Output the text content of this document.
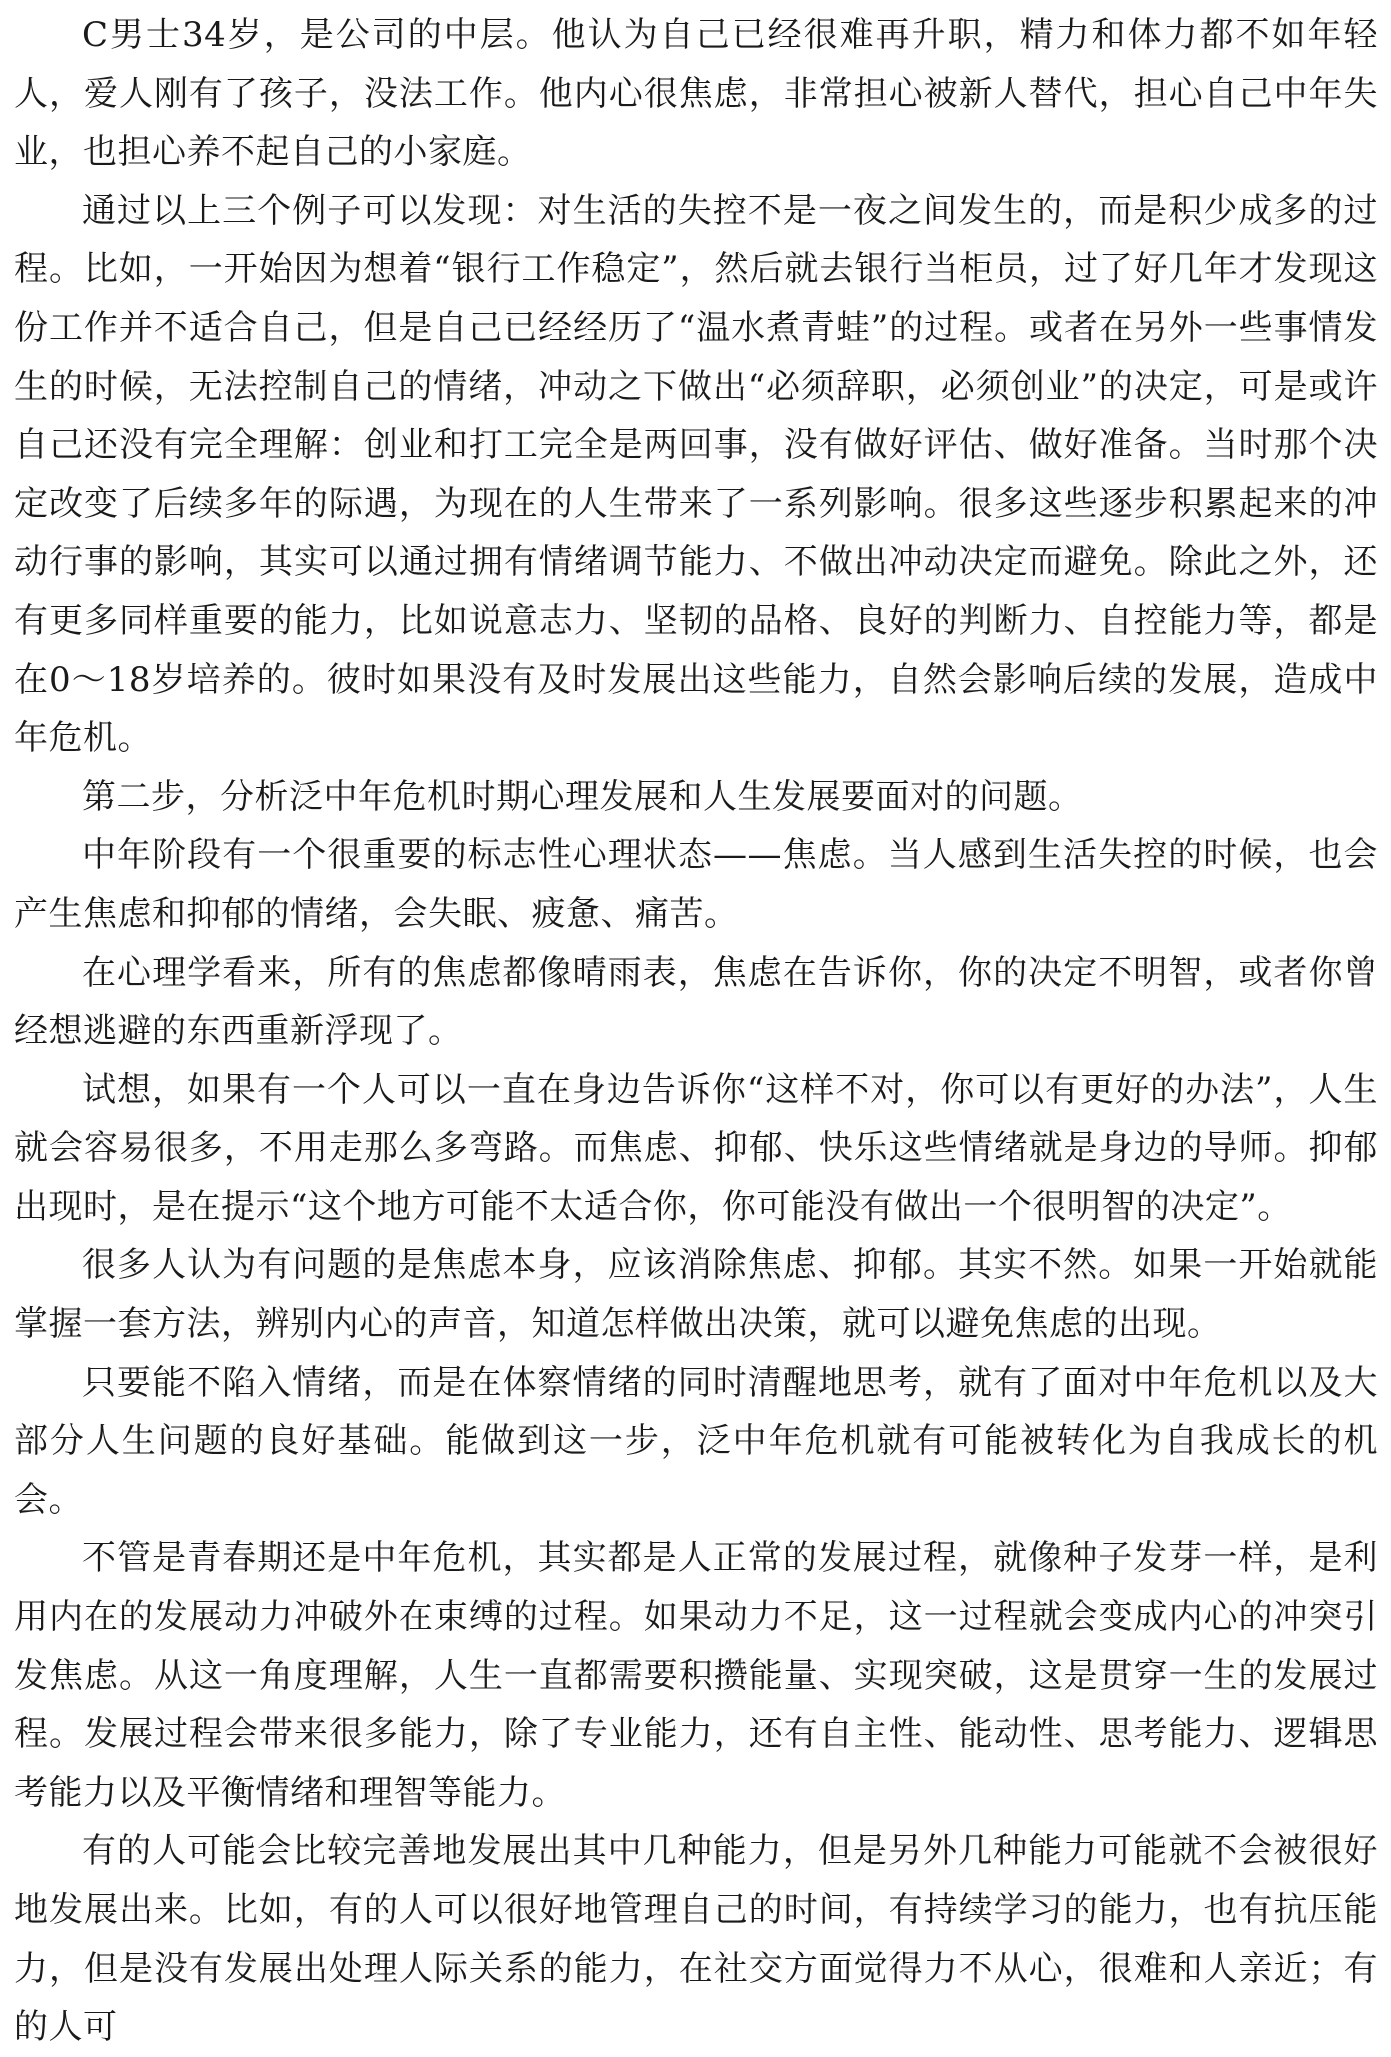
C男士34岁，是公司的中层。他认为自己已经很难再升职，精力和体力都不如年轻人，爱人刚有了孩子，没法工作。他内心很焦虑，非常担心被新人替代，担心自己中年失业，也担心养不起自己的小家庭。

通过以上三个例子可以发现：对生活的失控不是一夜之间发生的，而是积少成多的过程。比如，一开始因为想着“银行工作稳定”，然后就去银行当柜员，过了好几年才发现这份工作并不适合自己，但是自己已经经历了“温水煮青蛙”的过程。或者在另外一些事情发生的时候，无法控制自己的情绪，冲动之下做出“必须辞职，必须创业”的决定，可是或许自己还没有完全理解：创业和打工完全是两回事，没有做好评估、做好准备。当时那个决定改变了后续多年的际遇，为现在的人生带来了一系列影响。很多这些逐步积累起来的冲动行事的影响，其实可以通过拥有情绪调节能力、不做出冲动决定而避免。除此之外，还有更多同样重要的能力，比如说意志力、坚韧的品格、良好的判断力、自控能力等，都是在0～18岁培养的。彼时如果没有及时发展出这些能力，自然会影响后续的发展，造成中年危机。

第二步，分析泛中年危机时期心理发展和人生发展要面对的问题。

中年阶段有一个很重要的标志性心理状态——焦虑。当人感到生活失控的时候，也会产生焦虑和抑郁的情绪，会失眠、疲惫、痛苦。

在心理学看来，所有的焦虑都像晴雨表，焦虑在告诉你，你的决定不明智，或者你曾经想逃避的东西重新浮现了。

试想，如果有一个人可以一直在身边告诉你“这样不对，你可以有更好的办法”，人生就会容易很多，不用走那么多弯路。而焦虑、抑郁、快乐这些情绪就是身边的导师。抑郁出现时，是在提示“这个地方可能不太适合你，你可能没有做出一个很明智的决定”。

很多人认为有问题的是焦虑本身，应该消除焦虑、抑郁。其实不然。如果一开始就能掌握一套方法，辨别内心的声音，知道怎样做出决策，就可以避免焦虑的出现。

只要能不陷入情绪，而是在体察情绪的同时清醒地思考，就有了面对中年危机以及大部分人生问题的良好基础。能做到这一步，泛中年危机就有可能被转化为自我成长的机会。

不管是青春期还是中年危机，其实都是人正常的发展过程，就像种子发芽一样，是利用内在的发展动力冲破外在束缚的过程。如果动力不足，这一过程就会变成内心的冲突引发焦虑。从这一角度理解，人生一直都需要积攒能量、实现突破，这是贯穿一生的发展过程。发展过程会带来很多能力，除了专业能力，还有自主性、能动性、思考能力、逻辑思考能力以及平衡情绪和理智等能力。

有的人可能会比较完善地发展出其中几种能力，但是另外几种能力可能就不会被很好地发展出来。比如，有的人可以很好地管理自己的时间，有持续学习的能力，也有抗压能力，但是没有发展出处理人际关系的能力，在社交方面觉得力不从心，很难和人亲近；有的人可
